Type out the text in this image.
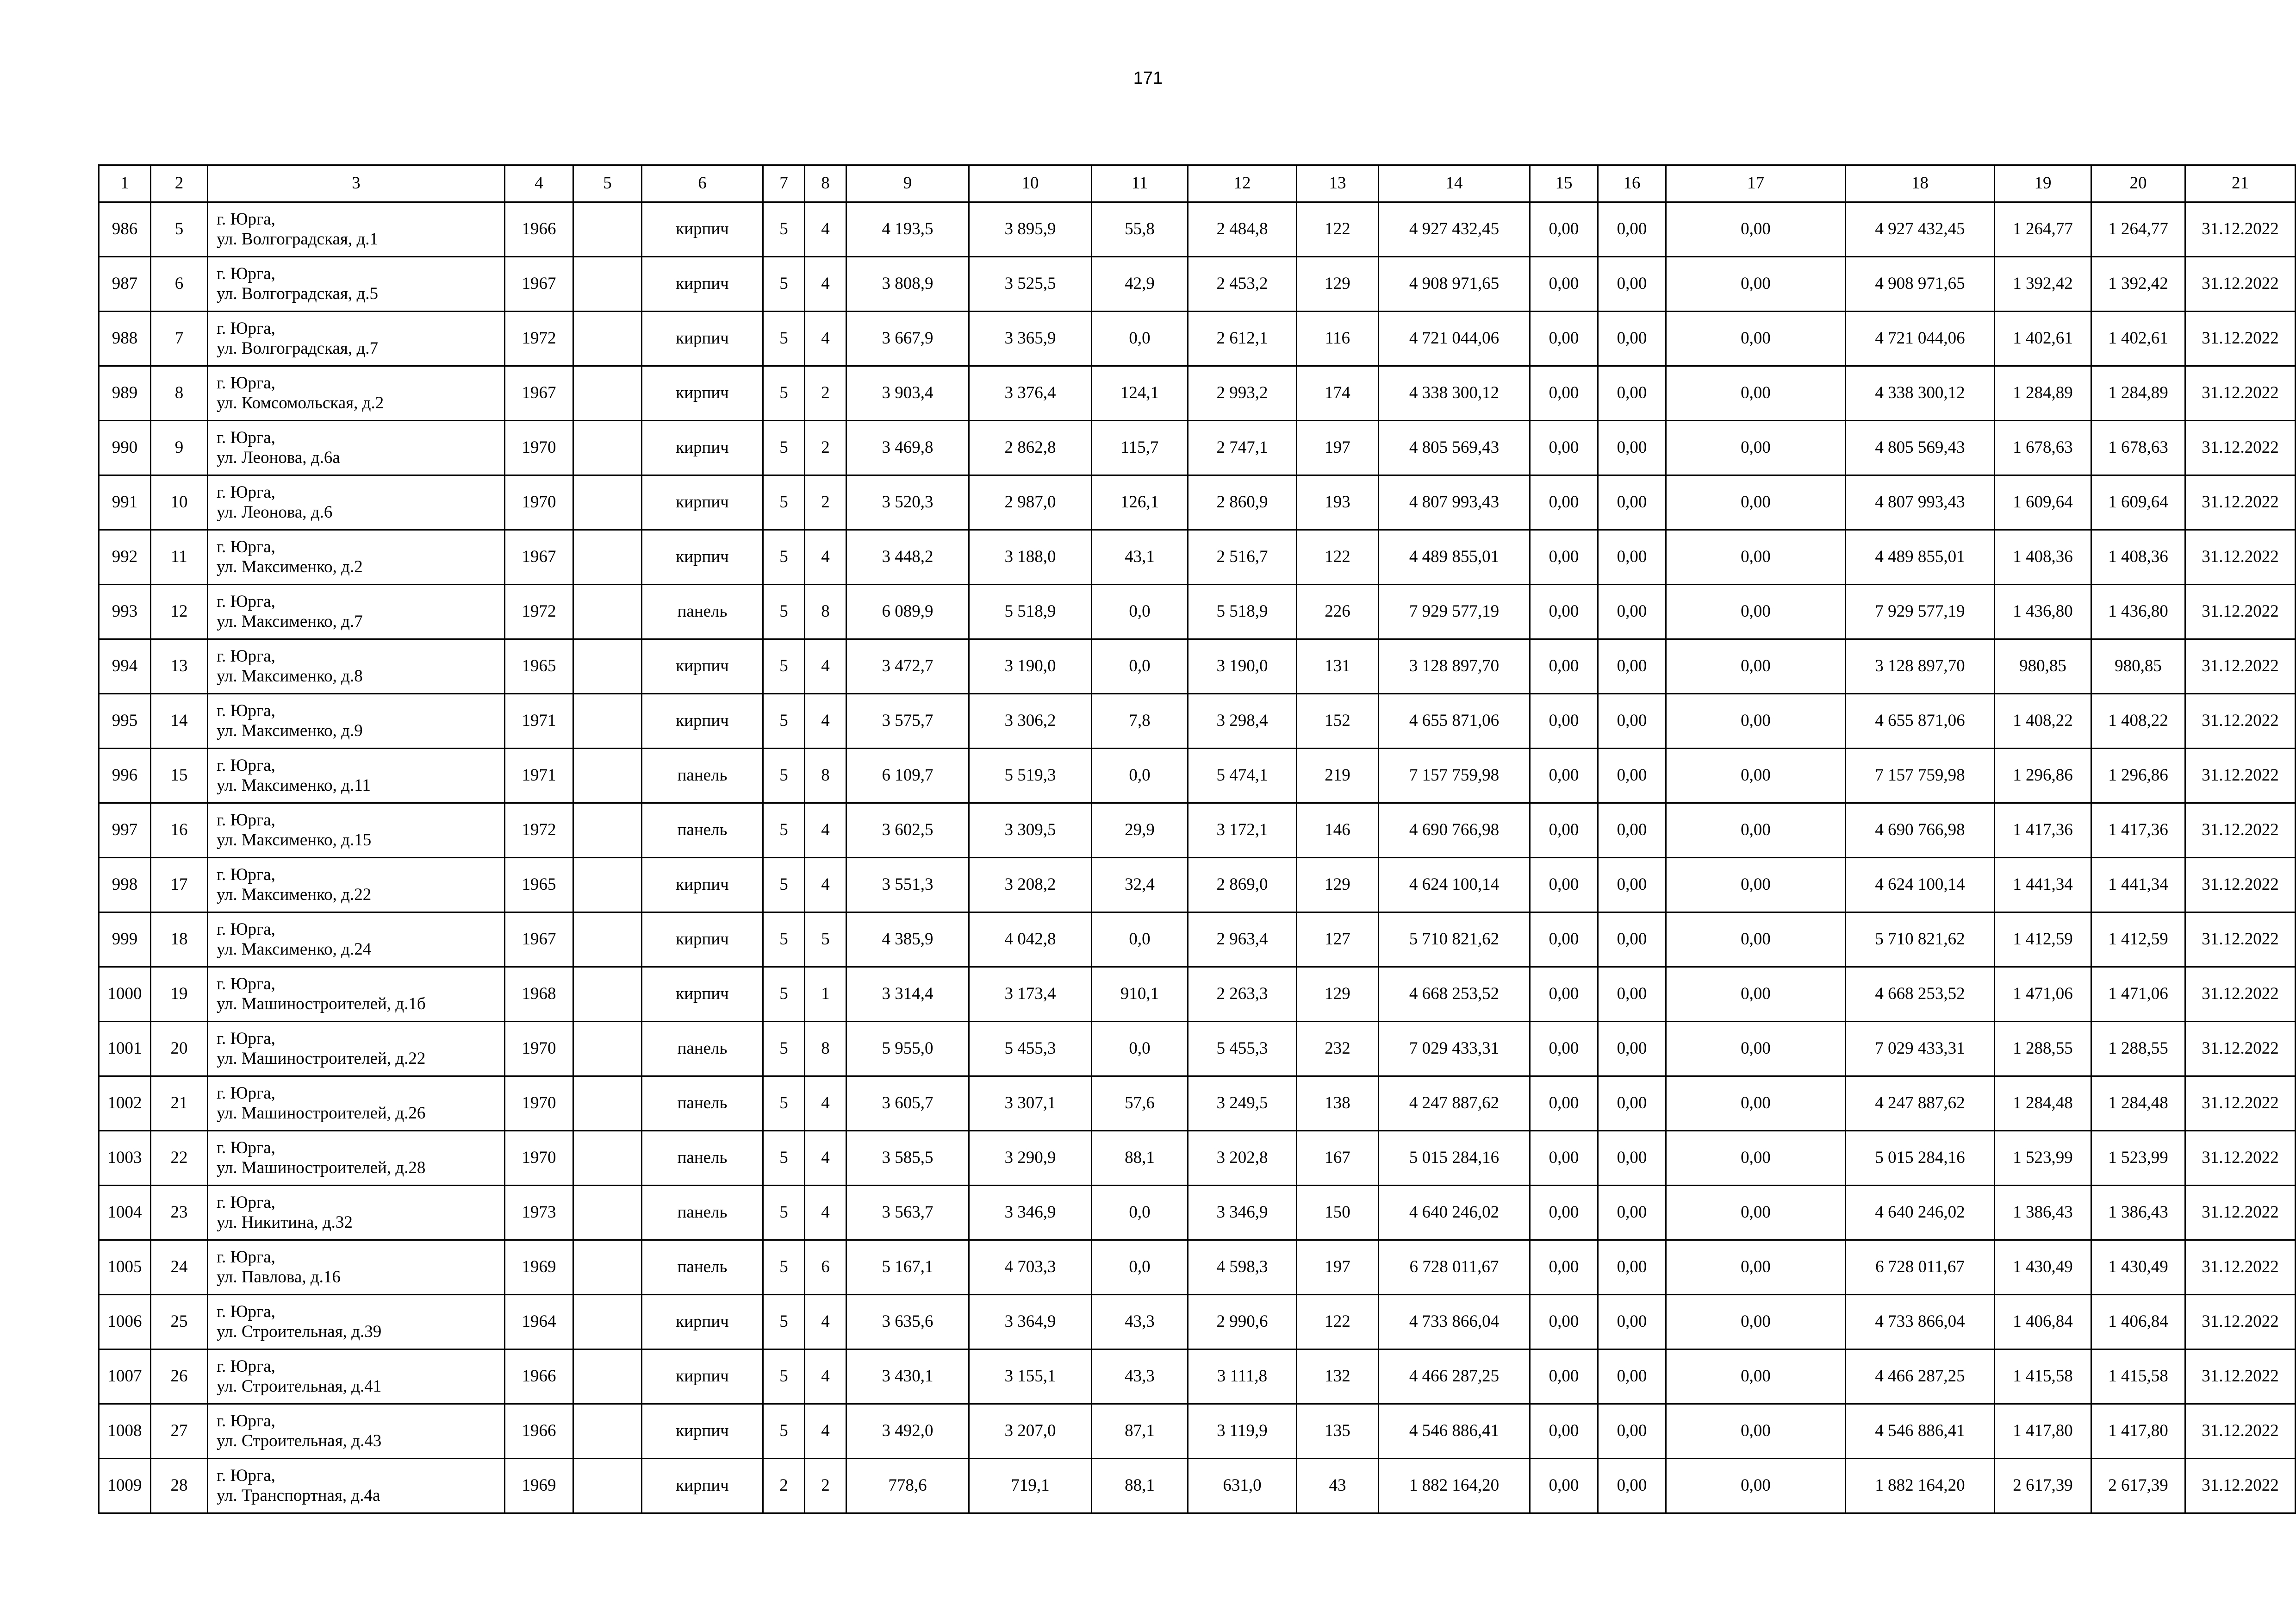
171
1	2	3	4	5	6	7	8	9	10	11	12	13	14	15	16	17	18	19	20	21
986	5	г. Юрга,
ул. Волгоградская, д.1	1966		кирпич	5	4	4 193,5	3 895,9	55,8	2 484,8	122	4 927 432,45	0,00	0,00	0,00	4 927 432,45	1 264,77	1 264,77	31.12.2022
987	6	г. Юрга,
ул. Волгоградская, д.5	1967		кирпич	5	4	3 808,9	3 525,5	42,9	2 453,2	129	4 908 971,65	0,00	0,00	0,00	4 908 971,65	1 392,42	1 392,42	31.12.2022
988	7	г. Юрга,
ул. Волгоградская, д.7	1972		кирпич	5	4	3 667,9	3 365,9	0,0	2 612,1	116	4 721 044,06	0,00	0,00	0,00	4 721 044,06	1 402,61	1 402,61	31.12.2022
989	8	г. Юрга,
ул. Комсомольская, д.2	1967		кирпич	5	2	3 903,4	3 376,4	124,1	2 993,2	174	4 338 300,12	0,00	0,00	0,00	4 338 300,12	1 284,89	1 284,89	31.12.2022
990	9	г. Юрга,
ул. Леонова, д.6а	1970		кирпич	5	2	3 469,8	2 862,8	115,7	2 747,1	197	4 805 569,43	0,00	0,00	0,00	4 805 569,43	1 678,63	1 678,63	31.12.2022
991	10	г. Юрга,
ул. Леонова, д.6	1970		кирпич	5	2	3 520,3	2 987,0	126,1	2 860,9	193	4 807 993,43	0,00	0,00	0,00	4 807 993,43	1 609,64	1 609,64	31.12.2022
992	11	г. Юрга,
ул. Максименко, д.2	1967		кирпич	5	4	3 448,2	3 188,0	43,1	2 516,7	122	4 489 855,01	0,00	0,00	0,00	4 489 855,01	1 408,36	1 408,36	31.12.2022
993	12	г. Юрга,
ул. Максименко, д.7	1972		панель	5	8	6 089,9	5 518,9	0,0	5 518,9	226	7 929 577,19	0,00	0,00	0,00	7 929 577,19	1 436,80	1 436,80	31.12.2022
994	13	г. Юрга,
ул. Максименко, д.8	1965		кирпич	5	4	3 472,7	3 190,0	0,0	3 190,0	131	3 128 897,70	0,00	0,00	0,00	3 128 897,70	980,85	980,85	31.12.2022
995	14	г. Юрга,
ул. Максименко, д.9	1971		кирпич	5	4	3 575,7	3 306,2	7,8	3 298,4	152	4 655 871,06	0,00	0,00	0,00	4 655 871,06	1 408,22	1 408,22	31.12.2022
996	15	г. Юрга,
ул. Максименко, д.11	1971		панель	5	8	6 109,7	5 519,3	0,0	5 474,1	219	7 157 759,98	0,00	0,00	0,00	7 157 759,98	1 296,86	1 296,86	31.12.2022
997	16	г. Юрга,
ул. Максименко, д.15	1972		панель	5	4	3 602,5	3 309,5	29,9	3 172,1	146	4 690 766,98	0,00	0,00	0,00	4 690 766,98	1 417,36	1 417,36	31.12.2022
998	17	г. Юрга,
ул. Максименко, д.22	1965		кирпич	5	4	3 551,3	3 208,2	32,4	2 869,0	129	4 624 100,14	0,00	0,00	0,00	4 624 100,14	1 441,34	1 441,34	31.12.2022
999	18	г. Юрга,
ул. Максименко, д.24	1967		кирпич	5	5	4 385,9	4 042,8	0,0	2 963,4	127	5 710 821,62	0,00	0,00	0,00	5 710 821,62	1 412,59	1 412,59	31.12.2022
1000	19	г. Юрга,
ул. Машиностроителей, д.1б	1968		кирпич	5	1	3 314,4	3 173,4	910,1	2 263,3	129	4 668 253,52	0,00	0,00	0,00	4 668 253,52	1 471,06	1 471,06	31.12.2022
1001	20	г. Юрга,
ул. Машиностроителей, д.22	1970		панель	5	8	5 955,0	5 455,3	0,0	5 455,3	232	7 029 433,31	0,00	0,00	0,00	7 029 433,31	1 288,55	1 288,55	31.12.2022
1002	21	г. Юрга,
ул. Машиностроителей, д.26	1970		панель	5	4	3 605,7	3 307,1	57,6	3 249,5	138	4 247 887,62	0,00	0,00	0,00	4 247 887,62	1 284,48	1 284,48	31.12.2022
1003	22	г. Юрга,
ул. Машиностроителей, д.28	1970		панель	5	4	3 585,5	3 290,9	88,1	3 202,8	167	5 015 284,16	0,00	0,00	0,00	5 015 284,16	1 523,99	1 523,99	31.12.2022
1004	23	г. Юрга,
ул. Никитина, д.32	1973		панель	5	4	3 563,7	3 346,9	0,0	3 346,9	150	4 640 246,02	0,00	0,00	0,00	4 640 246,02	1 386,43	1 386,43	31.12.2022
1005	24	г. Юрга,
ул. Павлова, д.16	1969		панель	5	6	5 167,1	4 703,3	0,0	4 598,3	197	6 728 011,67	0,00	0,00	0,00	6 728 011,67	1 430,49	1 430,49	31.12.2022
1006	25	г. Юрга,
ул. Строительная, д.39	1964		кирпич	5	4	3 635,6	3 364,9	43,3	2 990,6	122	4 733 866,04	0,00	0,00	0,00	4 733 866,04	1 406,84	1 406,84	31.12.2022
1007	26	г. Юрга,
ул. Строительная, д.41	1966		кирпич	5	4	3 430,1	3 155,1	43,3	3 111,8	132	4 466 287,25	0,00	0,00	0,00	4 466 287,25	1 415,58	1 415,58	31.12.2022
1008	27	г. Юрга,
ул. Строительная, д.43	1966		кирпич	5	4	3 492,0	3 207,0	87,1	3 119,9	135	4 546 886,41	0,00	0,00	0,00	4 546 886,41	1 417,80	1 417,80	31.12.2022
1009	28	г. Юрга,
ул. Транспортная, д.4а	1969		кирпич	2	2	778,6	719,1	88,1	631,0	43	1 882 164,20	0,00	0,00	0,00	1 882 164,20	2 617,39	2 617,39	31.12.2022
